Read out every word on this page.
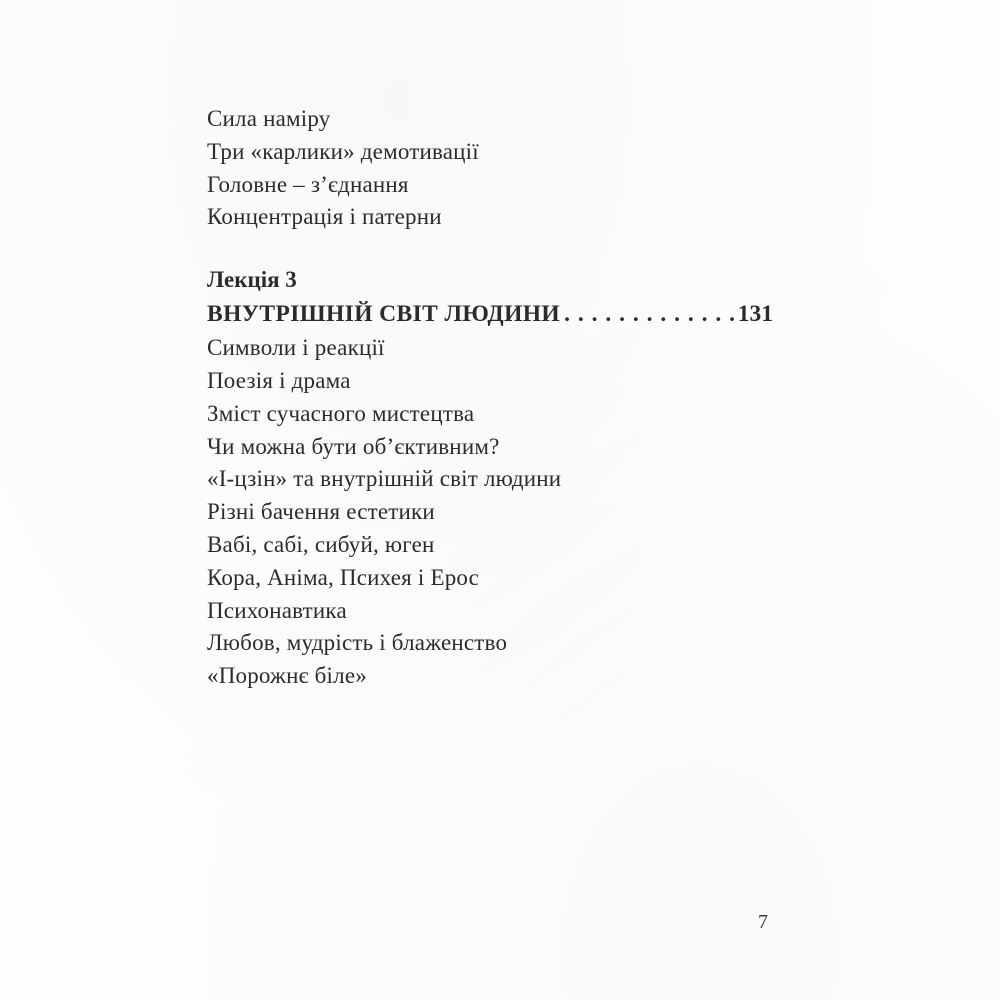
Сила наміру
Три «карлики» демотивації
Головне – з’єднання
Концентрація і патерни
Лекція 3
ВНУТРІШНІЙ СВІТ ЛЮДИНИ . . .	131
Символи і реакції
Поезія і драма
Зміст сучасного мистецтва
Чи можна бути об’єктивним?
«І-цзін» та внутрішній світ людини
Різні бачення естетики
Вабі, сабі, сибуй, юген
Кора, Аніма, Психея і Ерос
Психонавтика
Любов, мудрість і блаженство
«Порожнє біле»
7
